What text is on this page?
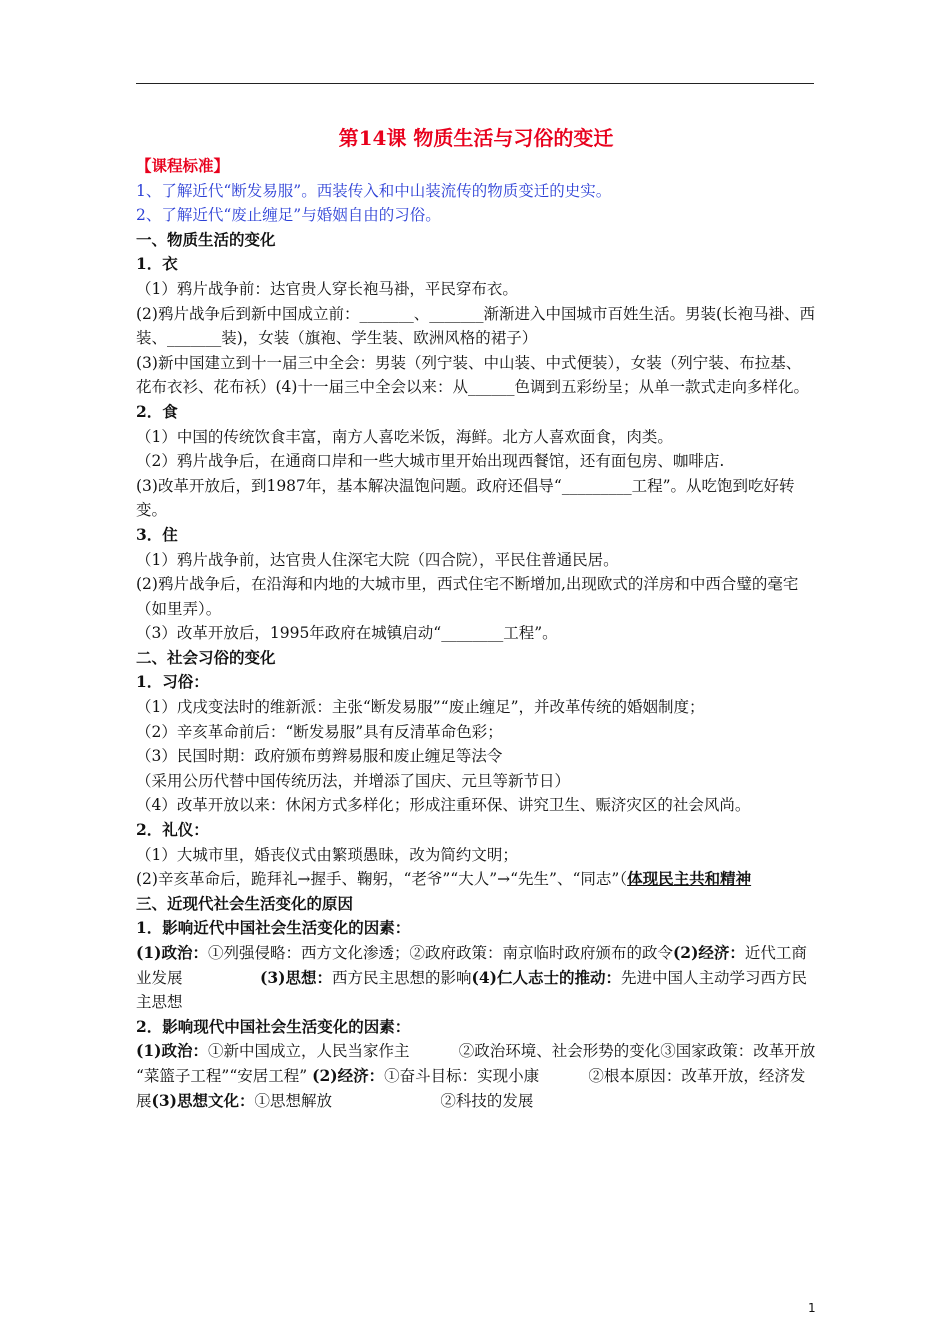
第14课 物质生活与习俗的变迁

【课程标准】

1、了解近代“断发易服”。西装传入和中山装流传的物质变迁的史实。

2、了解近代“废止缠足”与婚姻自由的习俗。

一、物质生活的变化

1．衣

（1）鸦片战争前：达官贵人穿长袍马褂，平民穿布衣。

(2)鸦片战争后到新中国成立前：_______、_______渐渐进入中国城市百姓生活。男装(长袍马褂、西装、_______装)，女装（旗袍、学生装、欧洲风格的裙子）

(3)新中国建立到十一届三中全会：男装（列宁装、中山装、中式便装），女装（列宁装、布拉基、花布衣衫、花布袄）(4)十一届三中全会以来：从______色调到五彩纷呈；从单一款式走向多样化。

2．食

（1）中国的传统饮食丰富，南方人喜吃米饭，海鲜。北方人喜欢面食，肉类。

（2）鸦片战争后，在通商口岸和一些大城市里开始出现西餐馆，还有面包房、咖啡店.

(3)改革开放后，到1987年，基本解决温饱问题。政府还倡导“_________工程”。从吃饱到吃好转变。

3．住

（1）鸦片战争前，达官贵人住深宅大院（四合院），平民住普通民居。

(2)鸦片战争后，在沿海和内地的大城市里，西式住宅不断增加,出现欧式的洋房和中西合璧的毫宅（如里弄）。

（3）改革开放后，1995年政府在城镇启动“________工程”。

二、社会习俗的变化

1．习俗：

（1）戊戌变法时的维新派：主张“断发易服”“废止缠足”，并改革传统的婚姻制度；

（2）辛亥革命前后：“断发易服”具有反清革命色彩；

（3）民国时期：政府颁布剪辫易服和废止缠足等法令

（采用公历代替中国传统历法，并增添了国庆、元旦等新节日）

（4）改革开放以来：休闲方式多样化；形成注重环保、讲究卫生、赈济灾区的社会风尚。

2．礼仪：

（1）大城市里，婚丧仪式由繁琐愚昧，改为简约文明；

(2)辛亥革命后，跪拜礼→握手、鞠躬，“老爷”“大人”→“先生”、“同志”（体现民主共和精神

三、近现代社会生活变化的原因

1．影响近代中国社会生活变化的因素：

(1)政治：①列强侵略：西方文化渗透；②政府政策：南京临时政府颁布的政令(2)经济：近代工商业发展　　　　　	(3)思想：西方民主思想的影响(4)仁人志士的推动：先进中国人主动学习西方民主思想

2．影响现代中国社会生活变化的因素：

(1)政治：①新中国成立，人民当家作主          ②政治环境、社会形势的变化③国家政策：改革开放 “菜篮子工程”“安居工程” (2)经济：①奋斗目标：实现小康          ②根本原因：改革开放，经济发展(3)思想文化：①思想解放                      ②科技的发展

1
